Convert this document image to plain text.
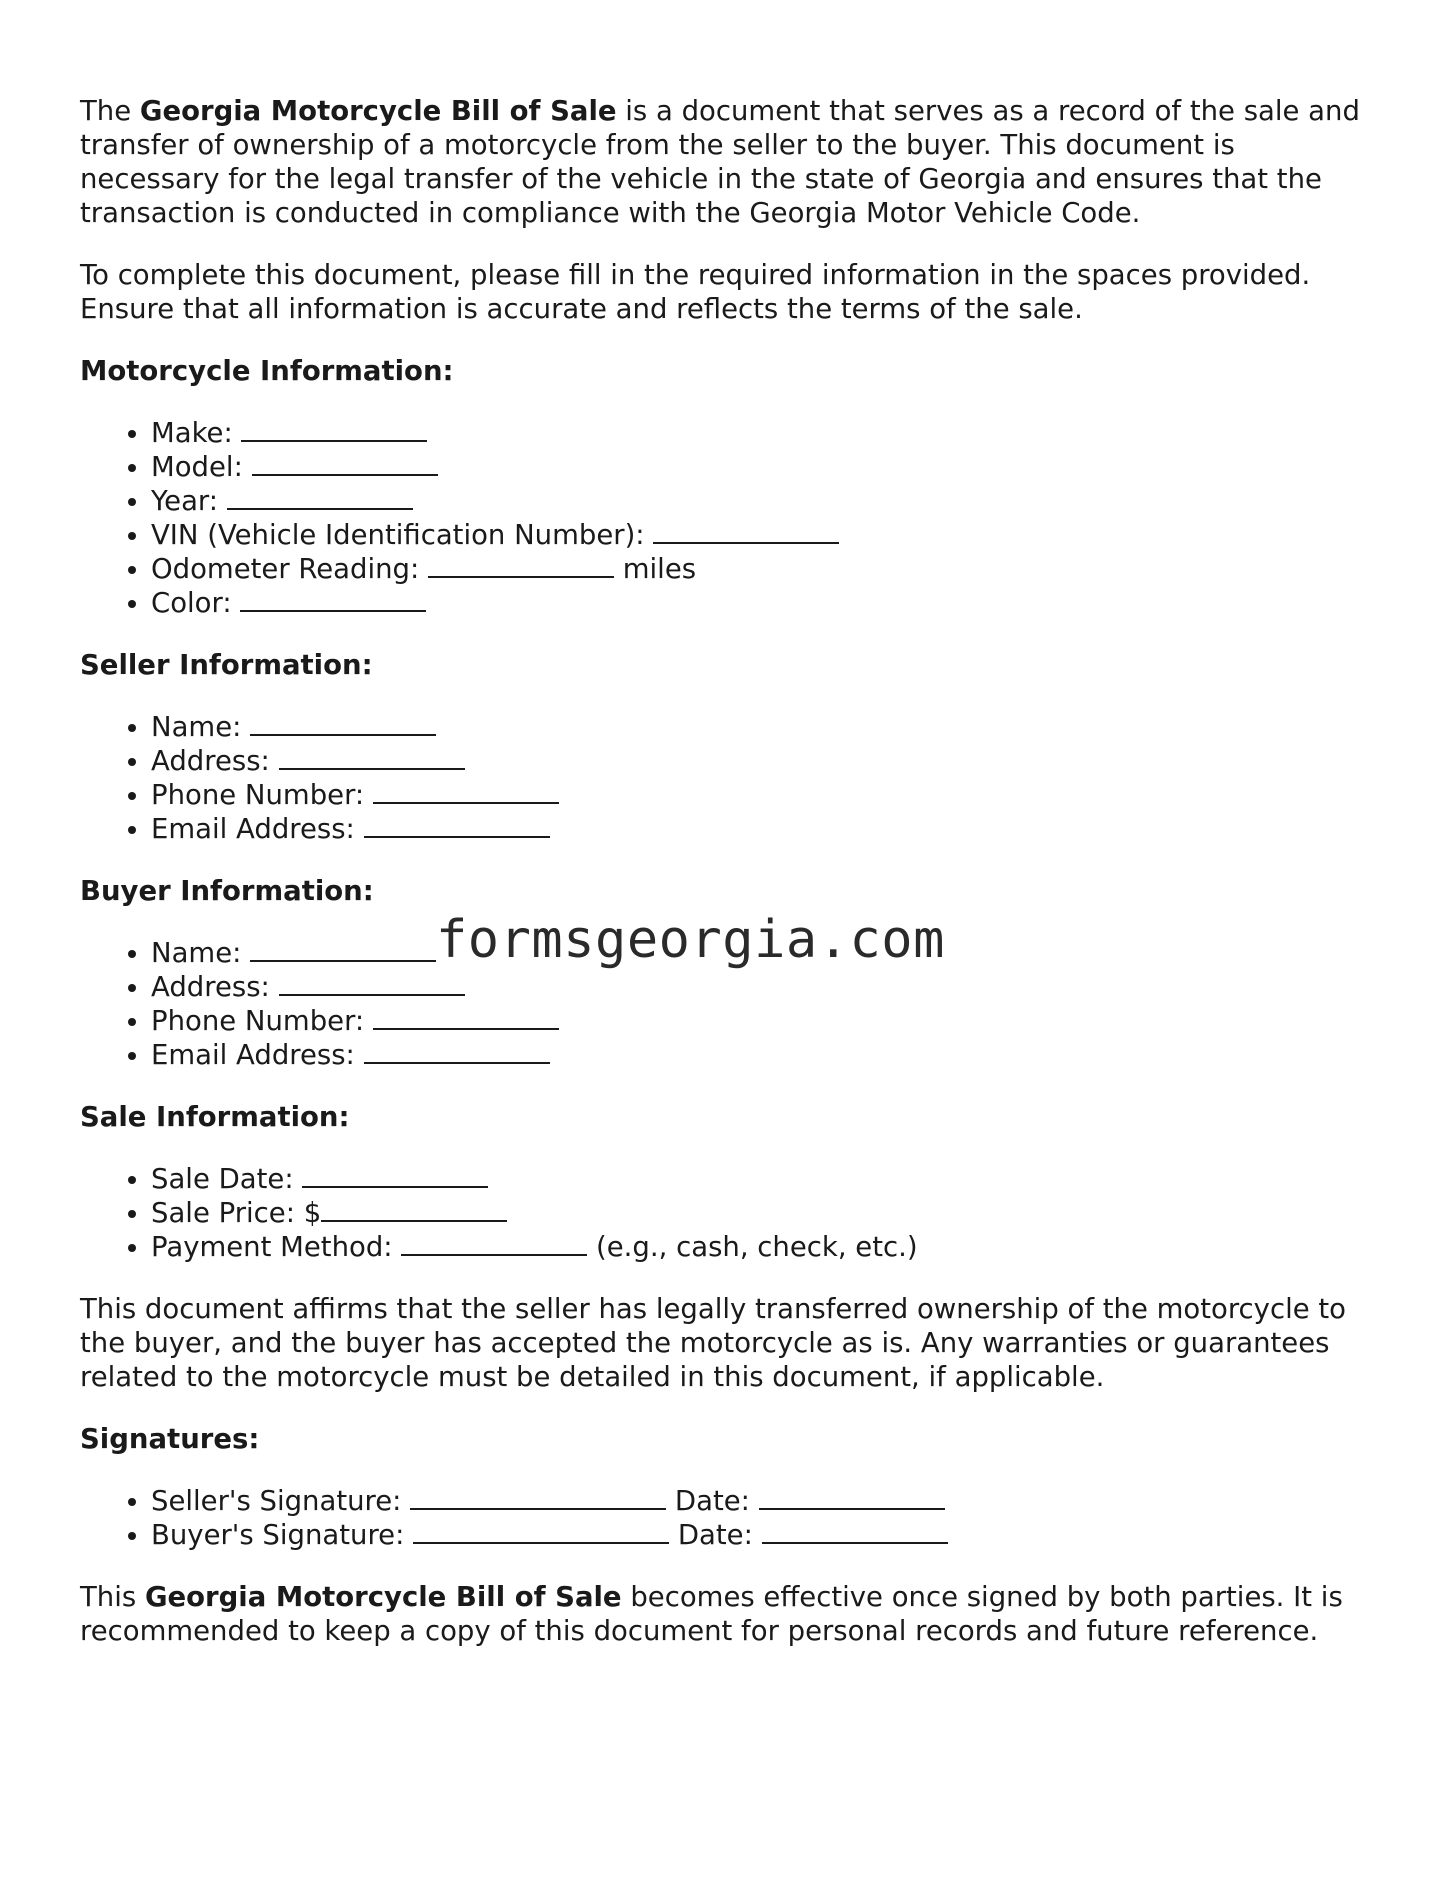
The Georgia Motorcycle Bill of Sale is a document that serves as a record of the sale and transfer of ownership of a motorcycle from the seller to the buyer. This document is necessary for the legal transfer of the vehicle in the state of Georgia and ensures that the transaction is conducted in compliance with the Georgia Motor Vehicle Code.

To complete this document, please fill in the required information in the spaces provided. Ensure that all information is accurate and reflects the terms of the sale.

Motorcycle Information:
• Make:
• Model:
• Year:
• VIN (Vehicle Identification Number):
• Odometer Reading:	miles
• Color:
Seller Information:
• Name:
• Address:
• Phone Number:
• Email Address:
Buyer Information:
• Name:
• Address:
• Phone Number:
• Email Address:
Sale Information:
• Sale Date:
• Sale Price: $
• Payment Method:	(e.g., cash, check, etc.)

This document affirms that the seller has legally transferred ownership of the motorcycle to the buyer, and the buyer has accepted the motorcycle as is. Any warranties or guarantees related to the motorcycle must be detailed in this document, if applicable.

Signatures:
• Seller's Signature:	Date:
• Buyer's Signature:	Date:

This Georgia Motorcycle Bill of Sale becomes effective once signed by both parties. It is recommended to keep a copy of this document for personal records and future reference.

formsgeorgia.com
